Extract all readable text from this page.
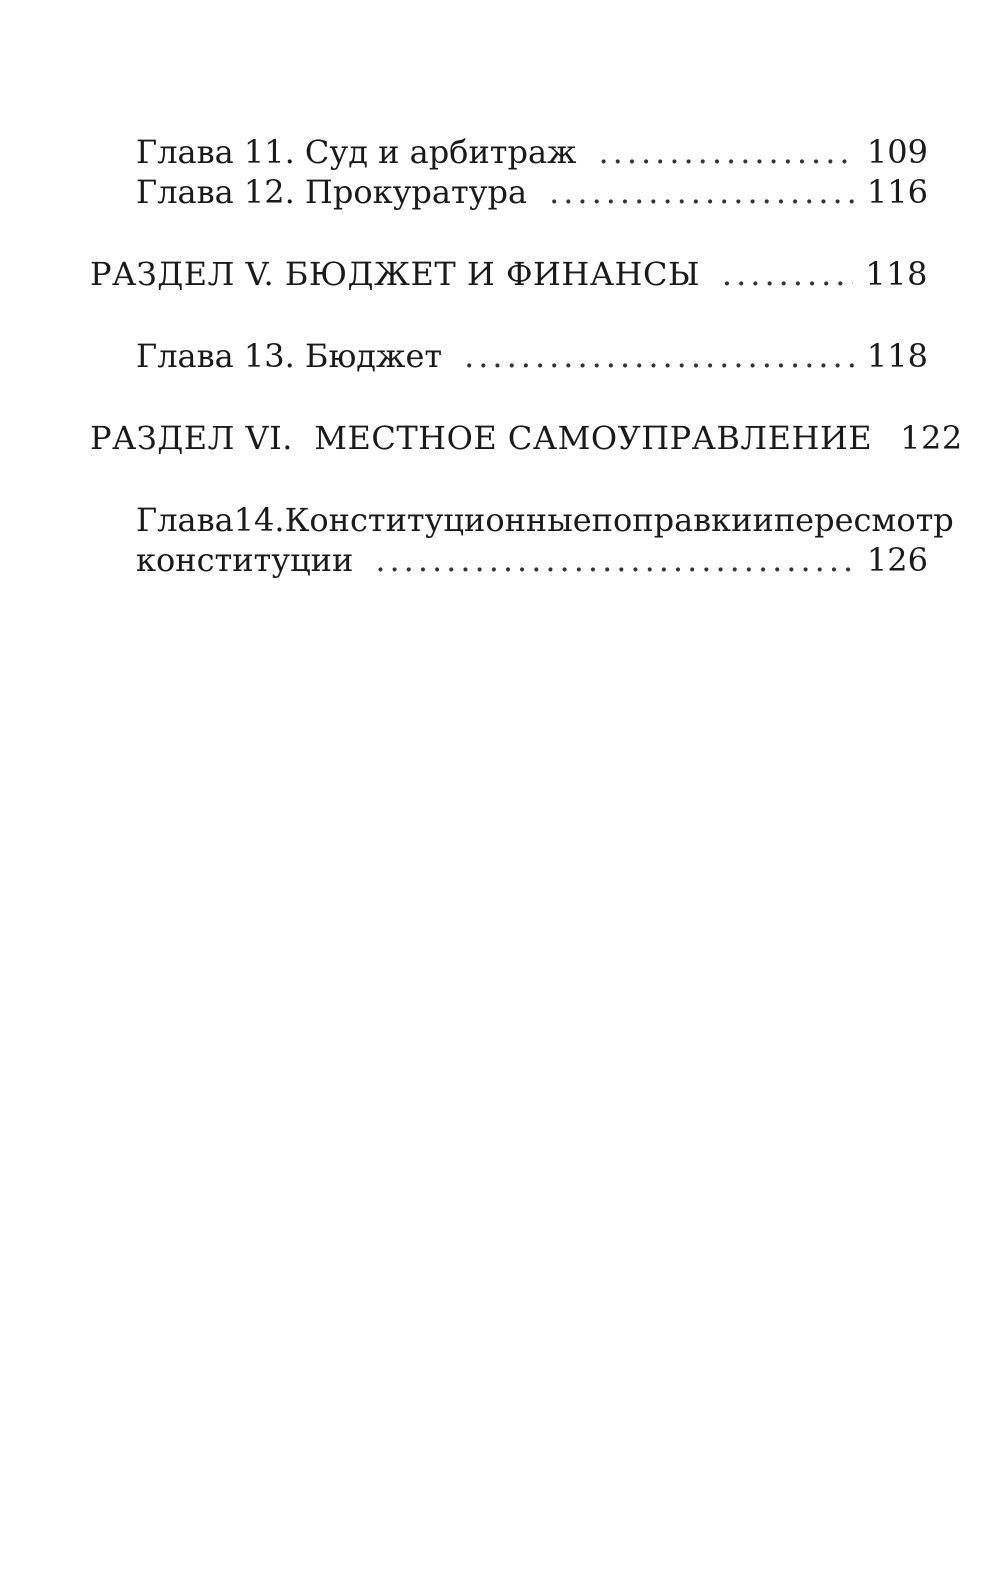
Глава 11. Суд и арбитраж .....	109
Глава 12. Прокуратура .....	116
РАЗДЕЛ V. БЮДЖЕТ И ФИНАНСЫ .....	118
Глава 13. Бюджет .....	118
РАЗДЕЛ VI.  МЕСТНОЕ САМОУПРАВЛЕНИЕ 122
Глава 14. Конституционные поправки и пересмотр
конституции .....	126
